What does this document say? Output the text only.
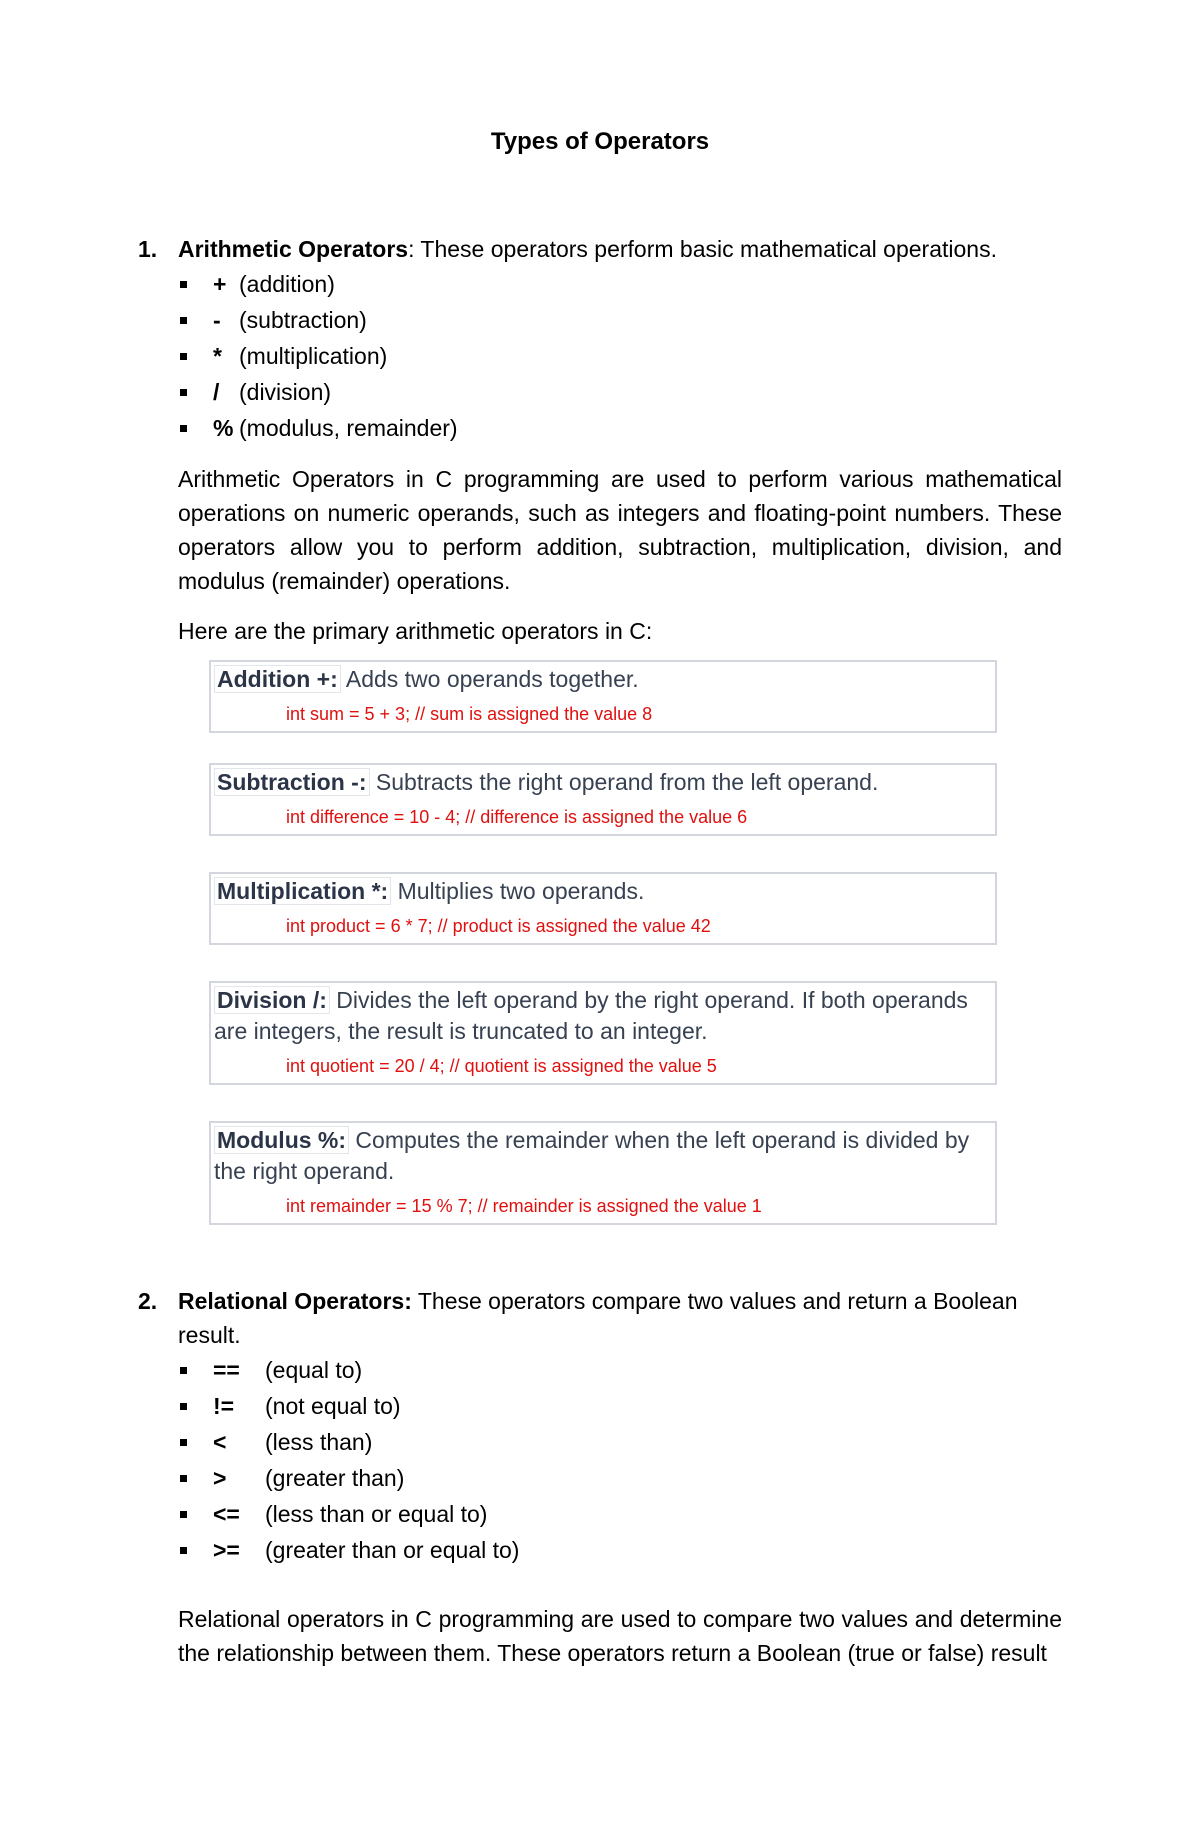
Types of Operators
1. Arithmetic Operators: These operators perform basic mathematical operations.
+ (addition)
- (subtraction)
* (multiplication)
/ (division)
% (modulus, remainder)

Arithmetic Operators in C programming are used to perform various mathematical operations on numeric operands, such as integers and floating-point numbers. These operators allow you to perform addition, subtraction, multiplication, division, and modulus (remainder) operations.

Here are the primary arithmetic operators in C:

Addition +: Adds two operands together.
int sum = 5 + 3; // sum is assigned the value 8
Subtraction -: Subtracts the right operand from the left operand.
int difference = 10 - 4; // difference is assigned the value 6
Multiplication *: Multiplies two operands.
int product = 6 * 7; // product is assigned the value 42
Division /: Divides the left operand by the right operand. If both operands are integers, the result is truncated to an integer.
int quotient = 20 / 4; // quotient is assigned the value 5
Modulus %: Computes the remainder when the left operand is divided by the right operand.
int remainder = 15 % 7; // remainder is assigned the value 1
2. Relational Operators: These operators compare two values and return a Boolean result.
==	(equal to)
!=	(not equal to)
<	(less than)
>	(greater than)
<=	(less than or equal to)
>=	(greater than or equal to)

Relational operators in C programming are used to compare two values and determine the relationship between them. These operators return a Boolean (true or false) result
